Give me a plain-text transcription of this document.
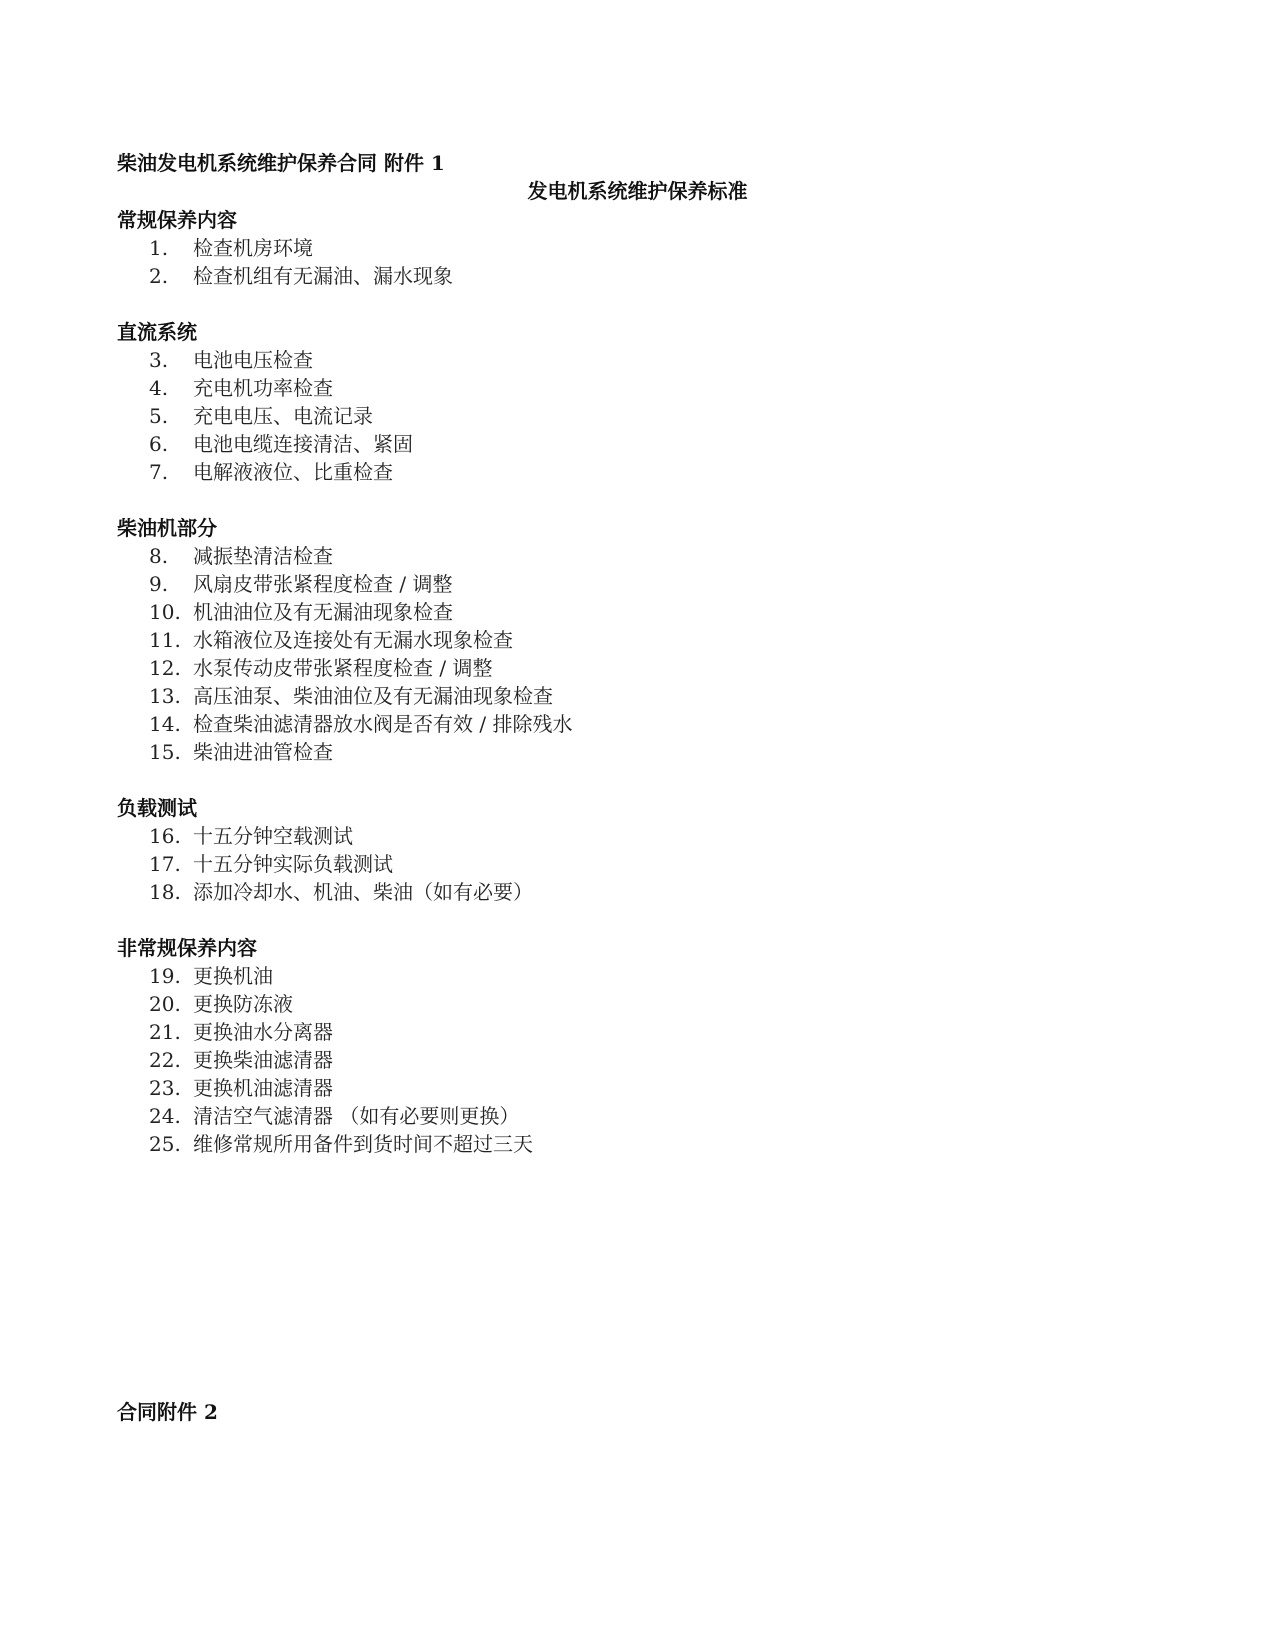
柴油发电机系统维护保养合同 附件 1
发电机系统维护保养标准
常规保养内容
1.	检查机房环境
2.	检查机组有无漏油、漏水现象
直流系统
3.	电池电压检查
4.	充电机功率检查
5.	充电电压、电流记录
6.	电池电缆连接清洁、紧固
7.	电解液液位、比重检查
柴油机部分
8.	减振垫清洁检查
9.	风扇皮带张紧程度检查 / 调整
10. 机油油位及有无漏油现象检查
11. 水箱液位及连接处有无漏水现象检查
12. 水泵传动皮带张紧程度检查 / 调整
13. 高压油泵、柴油油位及有无漏油现象检查
14. 检查柴油滤清器放水阀是否有效 / 排除残水
15. 柴油进油管检查
负载测试
16. 十五分钟空载测试
17. 十五分钟实际负载测试
18. 添加冷却水、机油、柴油（如有必要）
非常规保养内容
19. 更换机油
20. 更换防冻液
21. 更换油水分离器
22. 更换柴油滤清器
23. 更换机油滤清器
24. 清洁空气滤清器 （如有必要则更换）
25. 维修常规所用备件到货时间不超过三天
合同附件 2
